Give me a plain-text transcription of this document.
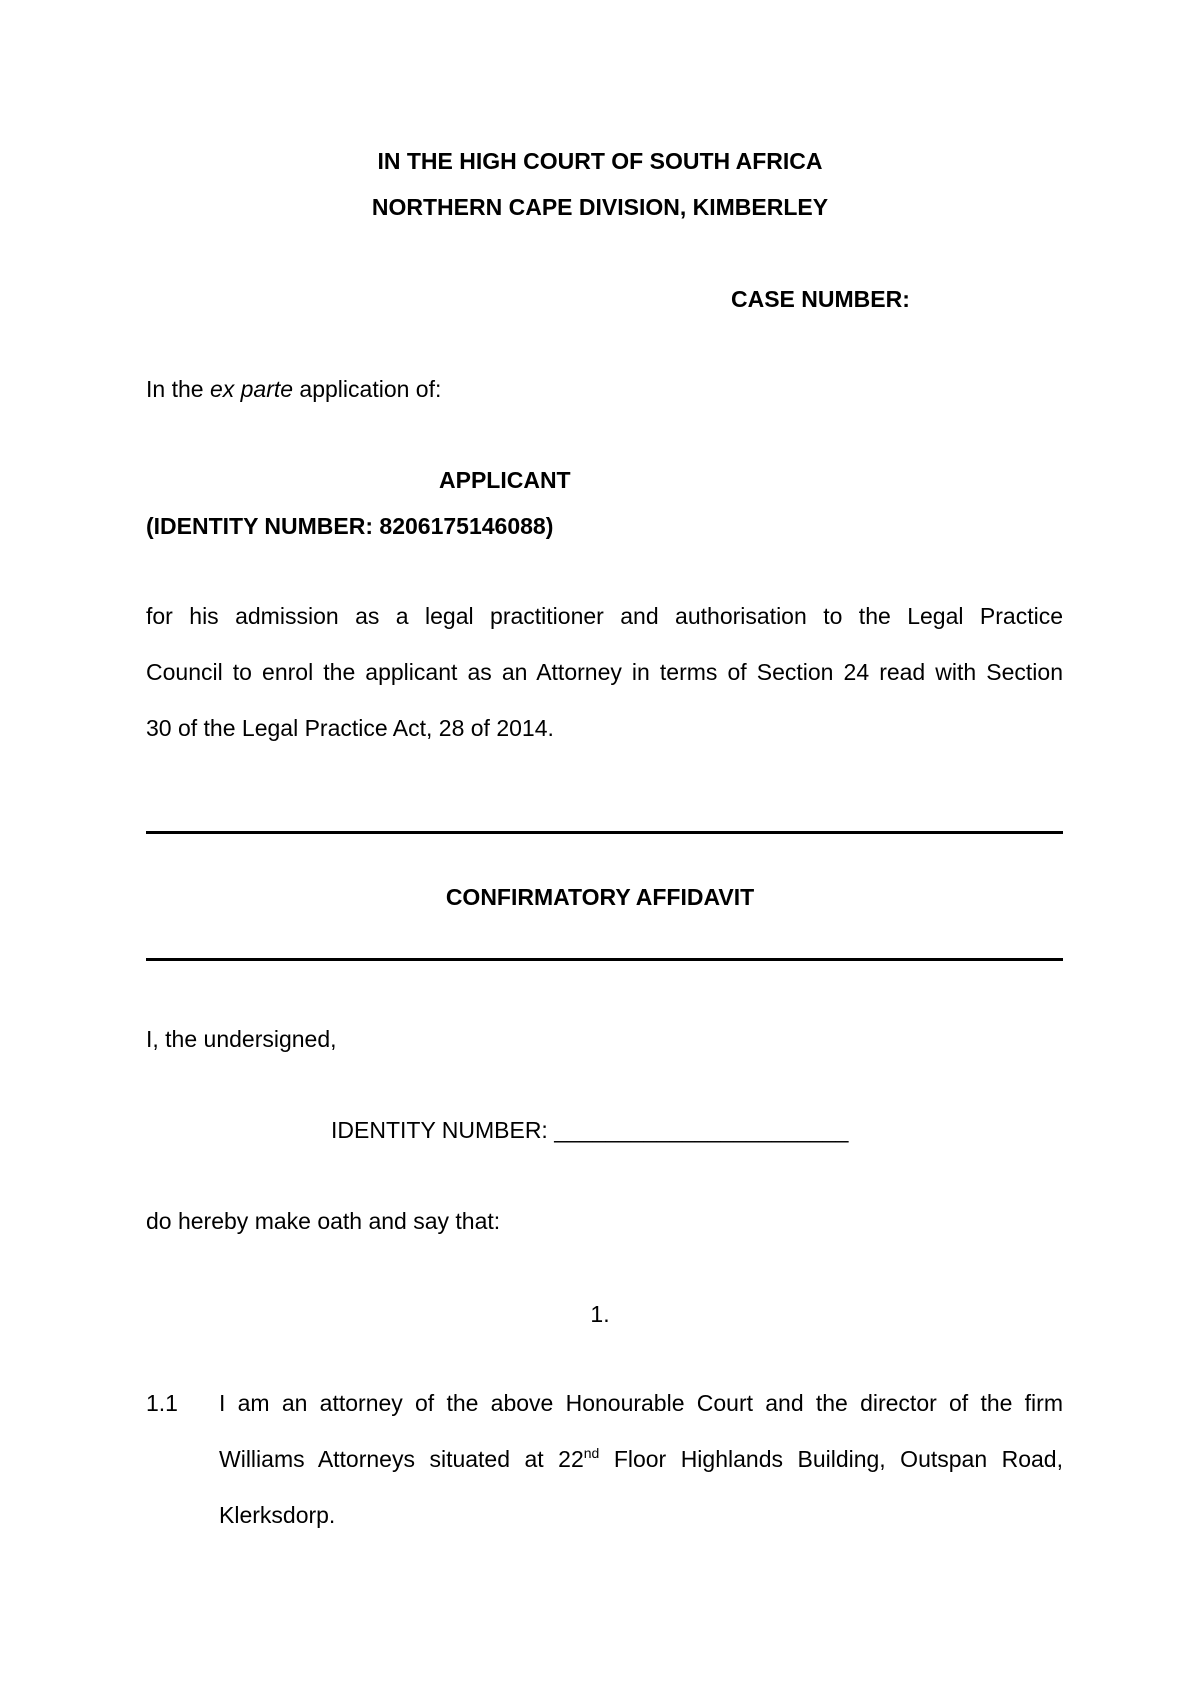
IN THE HIGH COURT OF SOUTH AFRICA
NORTHERN CAPE DIVISION, KIMBERLEY
CASE NUMBER:
In the ex parte application of:
APPLICANT
(IDENTITY NUMBER: 8206175146088)
for his admission as a legal practitioner and authorisation to the Legal Practice
Council to enrol the applicant as an Attorney in terms of Section 24 read with Section
30 of the Legal Practice Act, 28 of 2014.
CONFIRMATORY AFFIDAVIT
I, the undersigned,
IDENTITY NUMBER: _______________________
do hereby make oath and say that:
1.
1.1 I am an attorney of the above Honourable Court and the director of the firm
Williams Attorneys situated at 22nd Floor Highlands Building, Outspan Road,
Klerksdorp.
